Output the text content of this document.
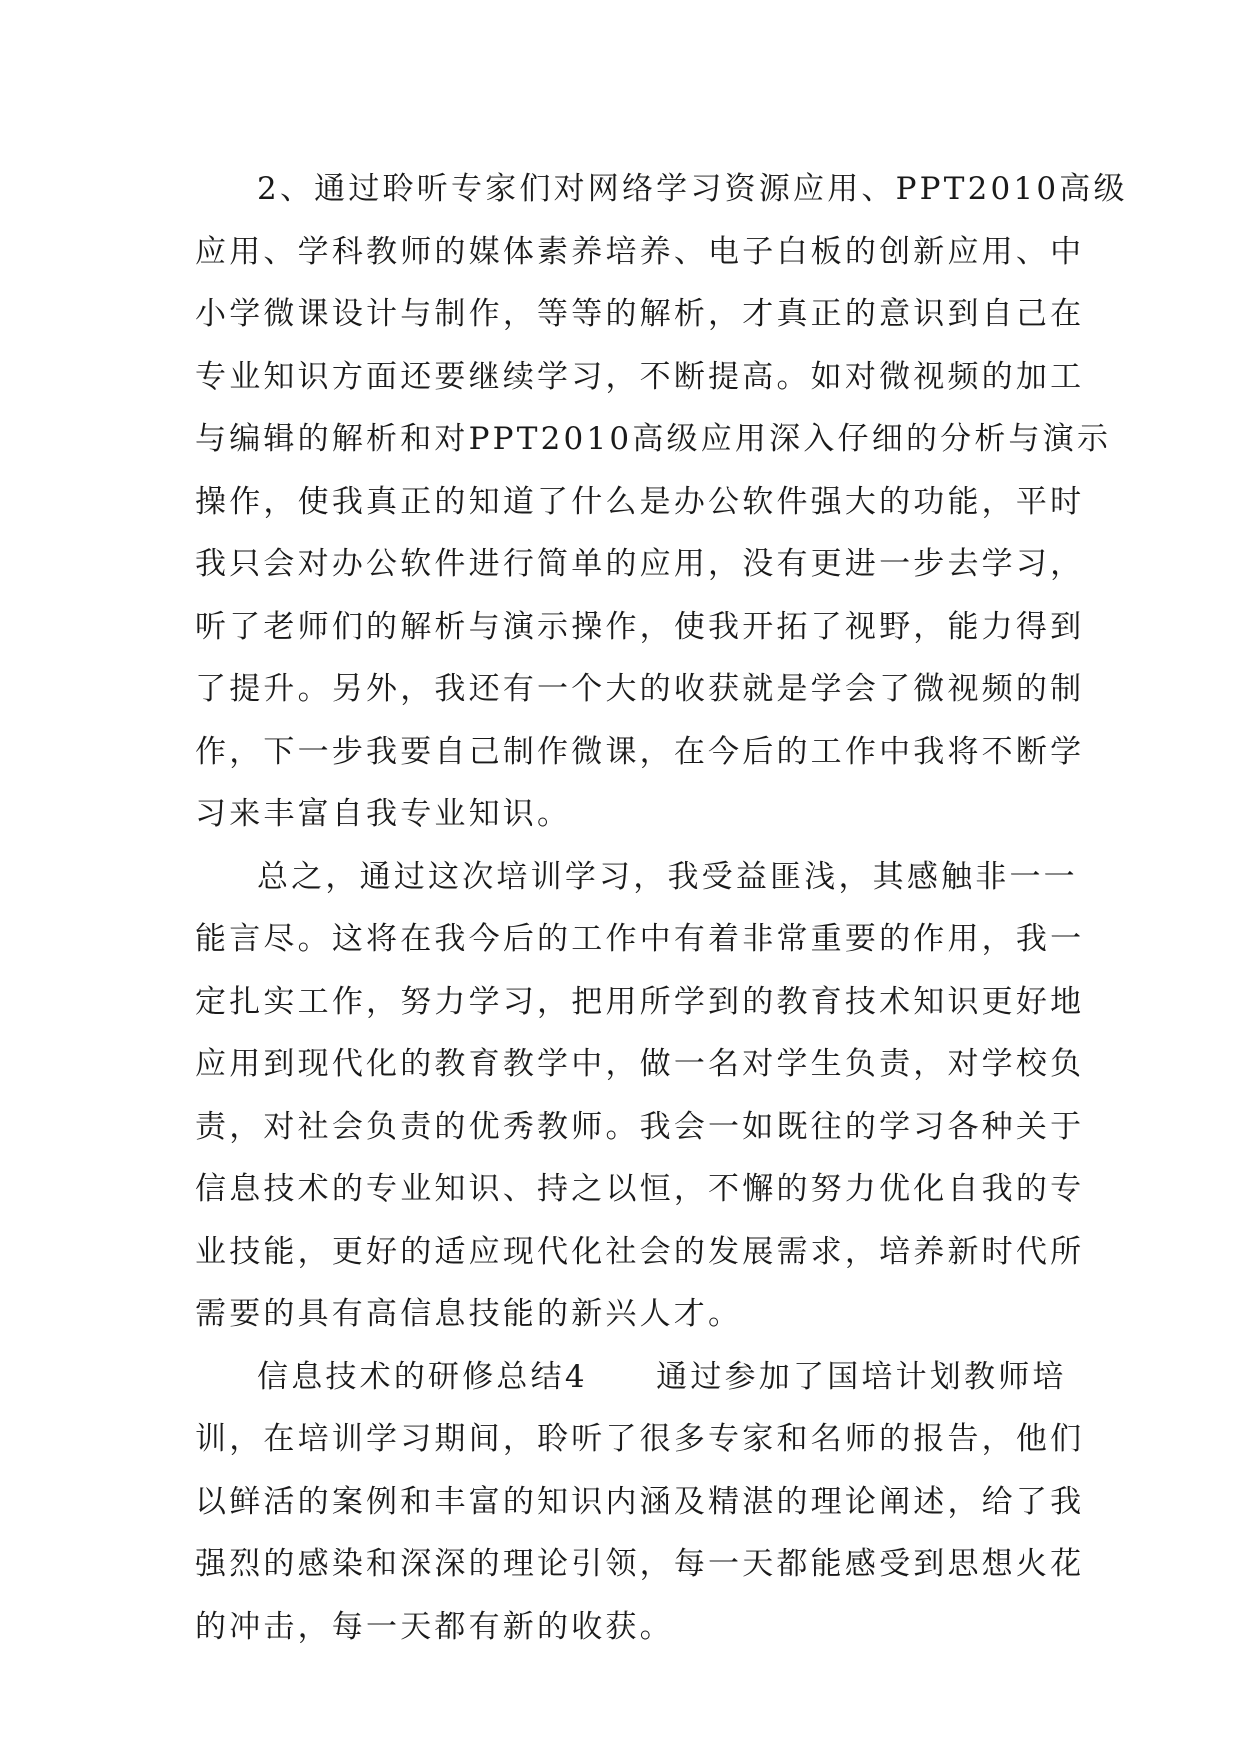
2 、 通 过 聆 听 专 家 们 对 网 络 学 习 资 源 应 用 、 PPT2010 高 级
应 用 、 学 科 教 师 的 媒 体 素 养 培 养 、 电 子 白 板 的 创 新 应 用 、 中
小 学 微 课 设 计 与 制 作 ， 等 等 的 解 析 ， 才 真 正 的 意 识 到 自 己 在
专 业 知 识 方 面 还 要 继 续 学 习 ， 不 断 提 高 。 如 对 微 视 频 的 加 工
与 编 辑 的 解 析 和 对 PPT2010 高 级 应 用 深 入 仔 细 的 分 析 与 演 示
操 作 ， 使 我 真 正 的 知 道 了 什 么 是 办 公 软 件 强 大 的 功 能 ， 平 时
我 只 会 对 办 公 软 件 进 行 简 单 的 应 用 ， 没 有 更 进 一 步 去 学 习 ，
听 了 老 师 们 的 解 析 与 演 示 操 作 ， 使 我 开 拓 了 视 野 ， 能 力 得 到
了 提 升 。 另 外 ， 我 还 有 一 个 大 的 收 获 就 是 学 会 了 微 视 频 的 制
作 ， 下 一 步 我 要 自 己 制 作 微 课 ， 在 今 后 的 工 作 中 我 将 不 断 学
习来丰富自我专业知识。
总 之 ， 通 过 这 次 培 训 学 习 ， 我 受 益 匪 浅 ， 其 感 触 非 一 一
能 言 尽 。 这 将 在 我 今 后 的 工 作 中 有 着 非 常 重 要 的 作 用 ， 我 一
定 扎 实 工 作 ， 努 力 学 习 ， 把 用 所 学 到 的 教 育 技 术 知 识 更 好 地
应 用 到 现 代 化 的 教 育 教 学 中 ， 做 一 名 对 学 生 负 责 ， 对 学 校 负
责 ， 对 社 会 负 责 的 优 秀 教 师 。 我 会 一 如 既 往 的 学 习 各 种 关 于
信 息 技 术 的 专 业 知 识 、 持 之 以 恒 ， 不 懈 的 努 力 优 化 自 我 的 专
业 技 能 ， 更 好 的 适 应 现 代 化 社 会 的 发 展 需 求 ， 培 养 新 时 代 所
需要的具有高信息技能的新兴人才。
信 息 技 术 的 研 修 总 结 4

　 通 过 参 加 了 国 培 计 划 教 师 培
训 ， 在 培 训 学 习 期 间 ， 聆 听 了 很 多 专 家 和 名 师 的 报 告 ， 他 们
以 鲜 活 的 案 例 和 丰 富 的 知 识 内 涵 及 精 湛 的 理 论 阐 述 ， 给 了 我
强 烈 的 感 染 和 深 深 的 理 论 引 领 ， 每 一 天 都 能 感 受 到 思 想 火 花
的冲击，每一天都有新的收获。
